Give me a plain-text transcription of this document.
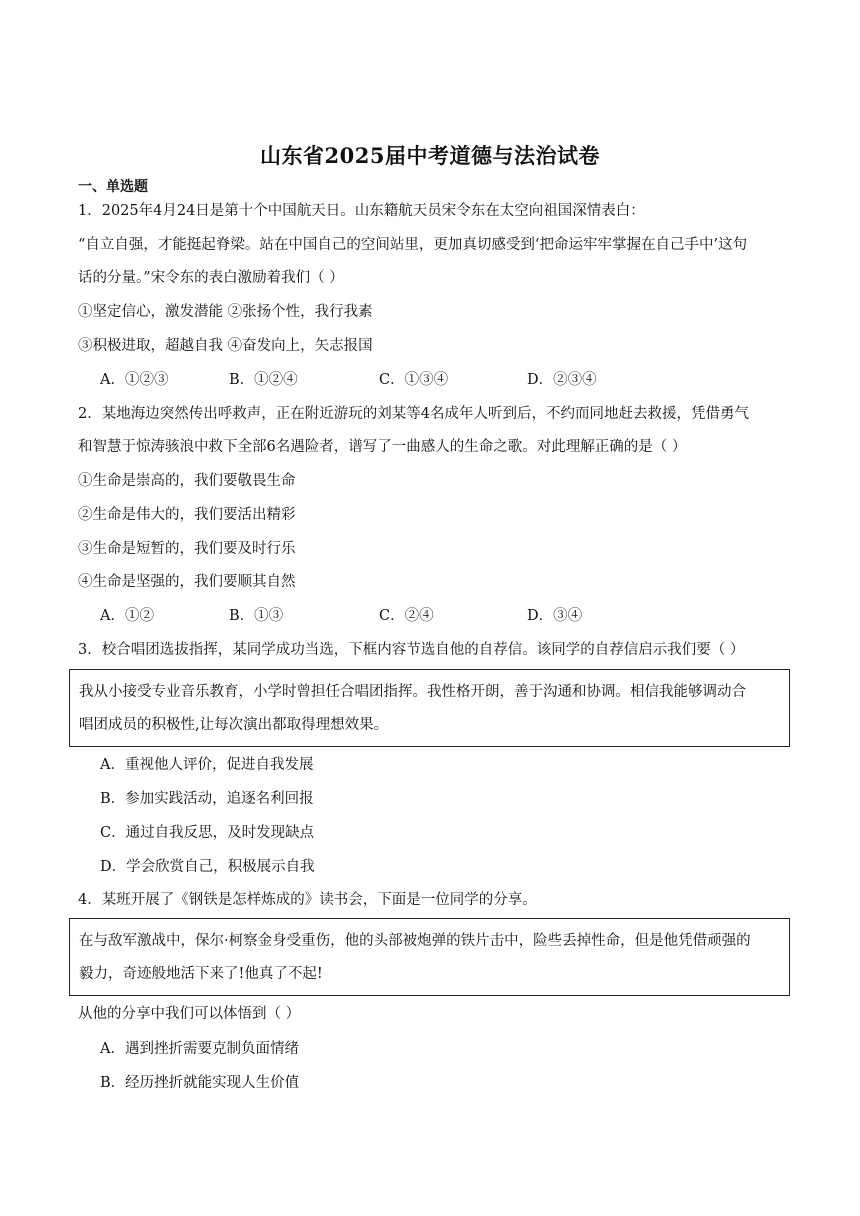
山东省2025届中考道德与法治试卷
一、单选题
1．2025年4月24日是第十个中国航天日。山东籍航天员宋令东在太空向祖国深情表白：
“自立自强，才能挺起脊梁。站在中国自己的空间站里，更加真切感受到‘把命运牢牢掌握在自己手中’这句
话的分量。”宋令东的表白激励着我们（ ）
①坚定信心，激发潜能 ②张扬个性，我行我素
③积极进取，超越自我 ④奋发向上，矢志报国
A．①②③	B．①②④	C．①③④	D．②③④
2．某地海边突然传出呼救声，正在附近游玩的刘某等4名成年人听到后，不约而同地赶去救援，凭借勇气
和智慧于惊涛骇浪中救下全部6名遇险者，谱写了一曲感人的生命之歌。对此理解正确的是（ ）
①生命是崇高的，我们要敬畏生命
②生命是伟大的，我们要活出精彩
③生命是短暂的，我们要及时行乐
④生命是坚强的，我们要顺其自然
A．①②	B．①③	C．②④	D．③④
3．校合唱团选拔指挥，某同学成功当选，下框内容节选自他的自荐信。该同学的自荐信启示我们要（ ）
我从小接受专业音乐教育，小学时曾担任合唱团指挥。我性格开朗，善于沟通和协调。相信我能够调动合
唱团成员的积极性,让每次演出都取得理想效果。
A．重视他人评价，促进自我发展
B．参加实践活动，追逐名利回报
C．通过自我反思，及时发现缺点
D．学会欣赏自己，积极展示自我
4．某班开展了《钢铁是怎样炼成的》读书会，下面是一位同学的分享。
在与敌军激战中，保尔·柯察金身受重伤，他的头部被炮弹的铁片击中，险些丢掉性命，但是他凭借顽强的
毅力，奇迹般地活下来了!他真了不起!
从他的分享中我们可以体悟到（ ）
A．遇到挫折需要克制负面情绪
B．经历挫折就能实现人生价值
